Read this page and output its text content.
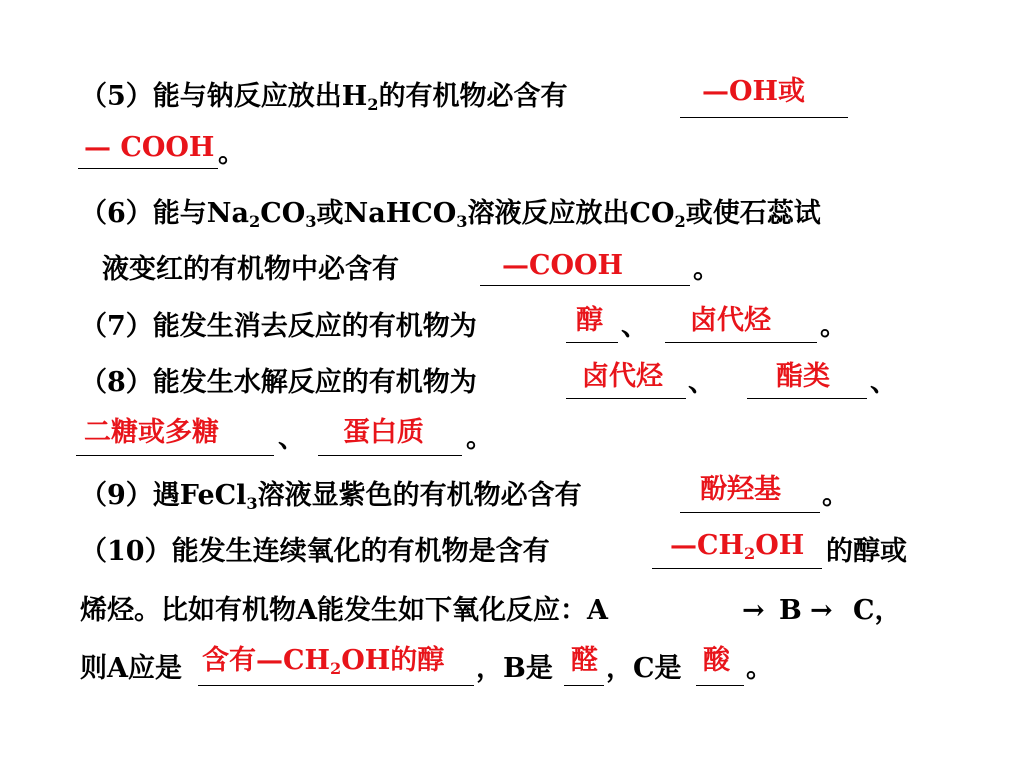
（5）能与钠反应放出$H_2$的有机物必含有	—OH或
— COOH 。
（6）能与$Na_2CO_3$或NaHCO$_3$溶液反应放出$CO_2$或使石蕊试
液变红的有机物中必含有	—COOH	。
（7）能发生消去反应的有机物为	醇 、 卤代烃 。
（8）能发生水解反应的有机物为	卤代烃 、 酯类 、
二糖或多糖 、 蛋白质 。
（9）遇FeCl$_3$溶液显紫色的有机物必含有	酚羟基 。
（10）能发生连续氧化的有机物是含有	$—CH_2OH$ 的醇或
烯烃。比如有机物A能发生如下氧化反应：A	→ B → C，
则A应是 含有$—CH_2OH$的醇 ，B是 醛 ，C是 酸 。
